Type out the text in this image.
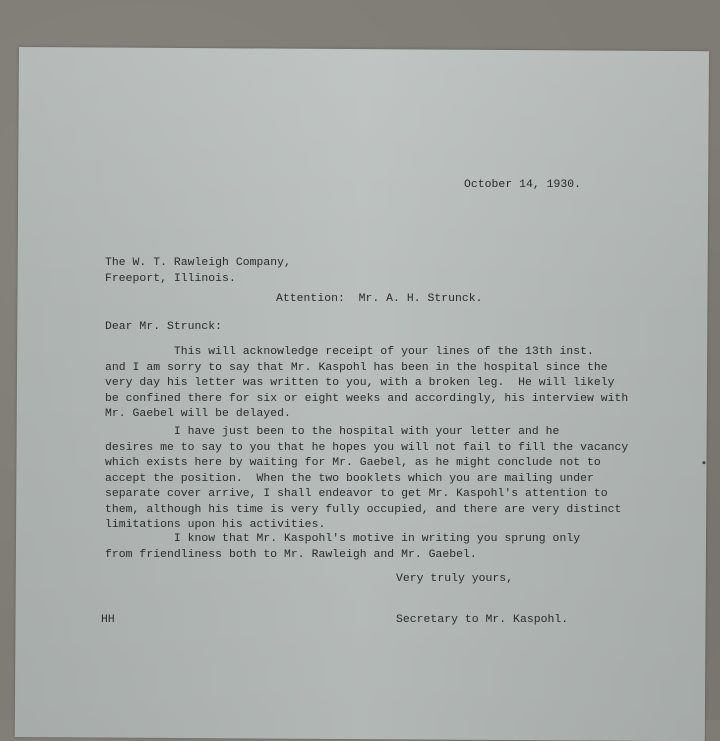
October 14, 1930.

The W. T. Rawleigh Company,
Freeport, Illinois.

Attention:  Mr. A. H. Strunck.

Dear Mr. Strunck:

This will acknowledge receipt of your lines of the 13th inst.
and I am sorry to say that Mr. Kaspohl has been in the hospital since the
very day his letter was written to you, with a broken leg.  He will likely
be confined there for six or eight weeks and accordingly, his interview with
Mr. Gaebel will be delayed.
I have just been to the hospital with your letter and he
desires me to say to you that he hopes you will not fail to fill the vacancy
which exists here by waiting for Mr. Gaebel, as he might conclude not to
accept the position.  When the two booklets which you are mailing under
separate cover arrive, I shall endeavor to get Mr. Kaspohl's attention to
them, although his time is very fully occupied, and there are very distinct
limitations upon his activities.
I know that Mr. Kaspohl's motive in writing you sprung only
from friendliness both to Mr. Rawleigh and Mr. Gaebel.

Very truly yours,

HH	Secretary to Mr. Kaspohl.
